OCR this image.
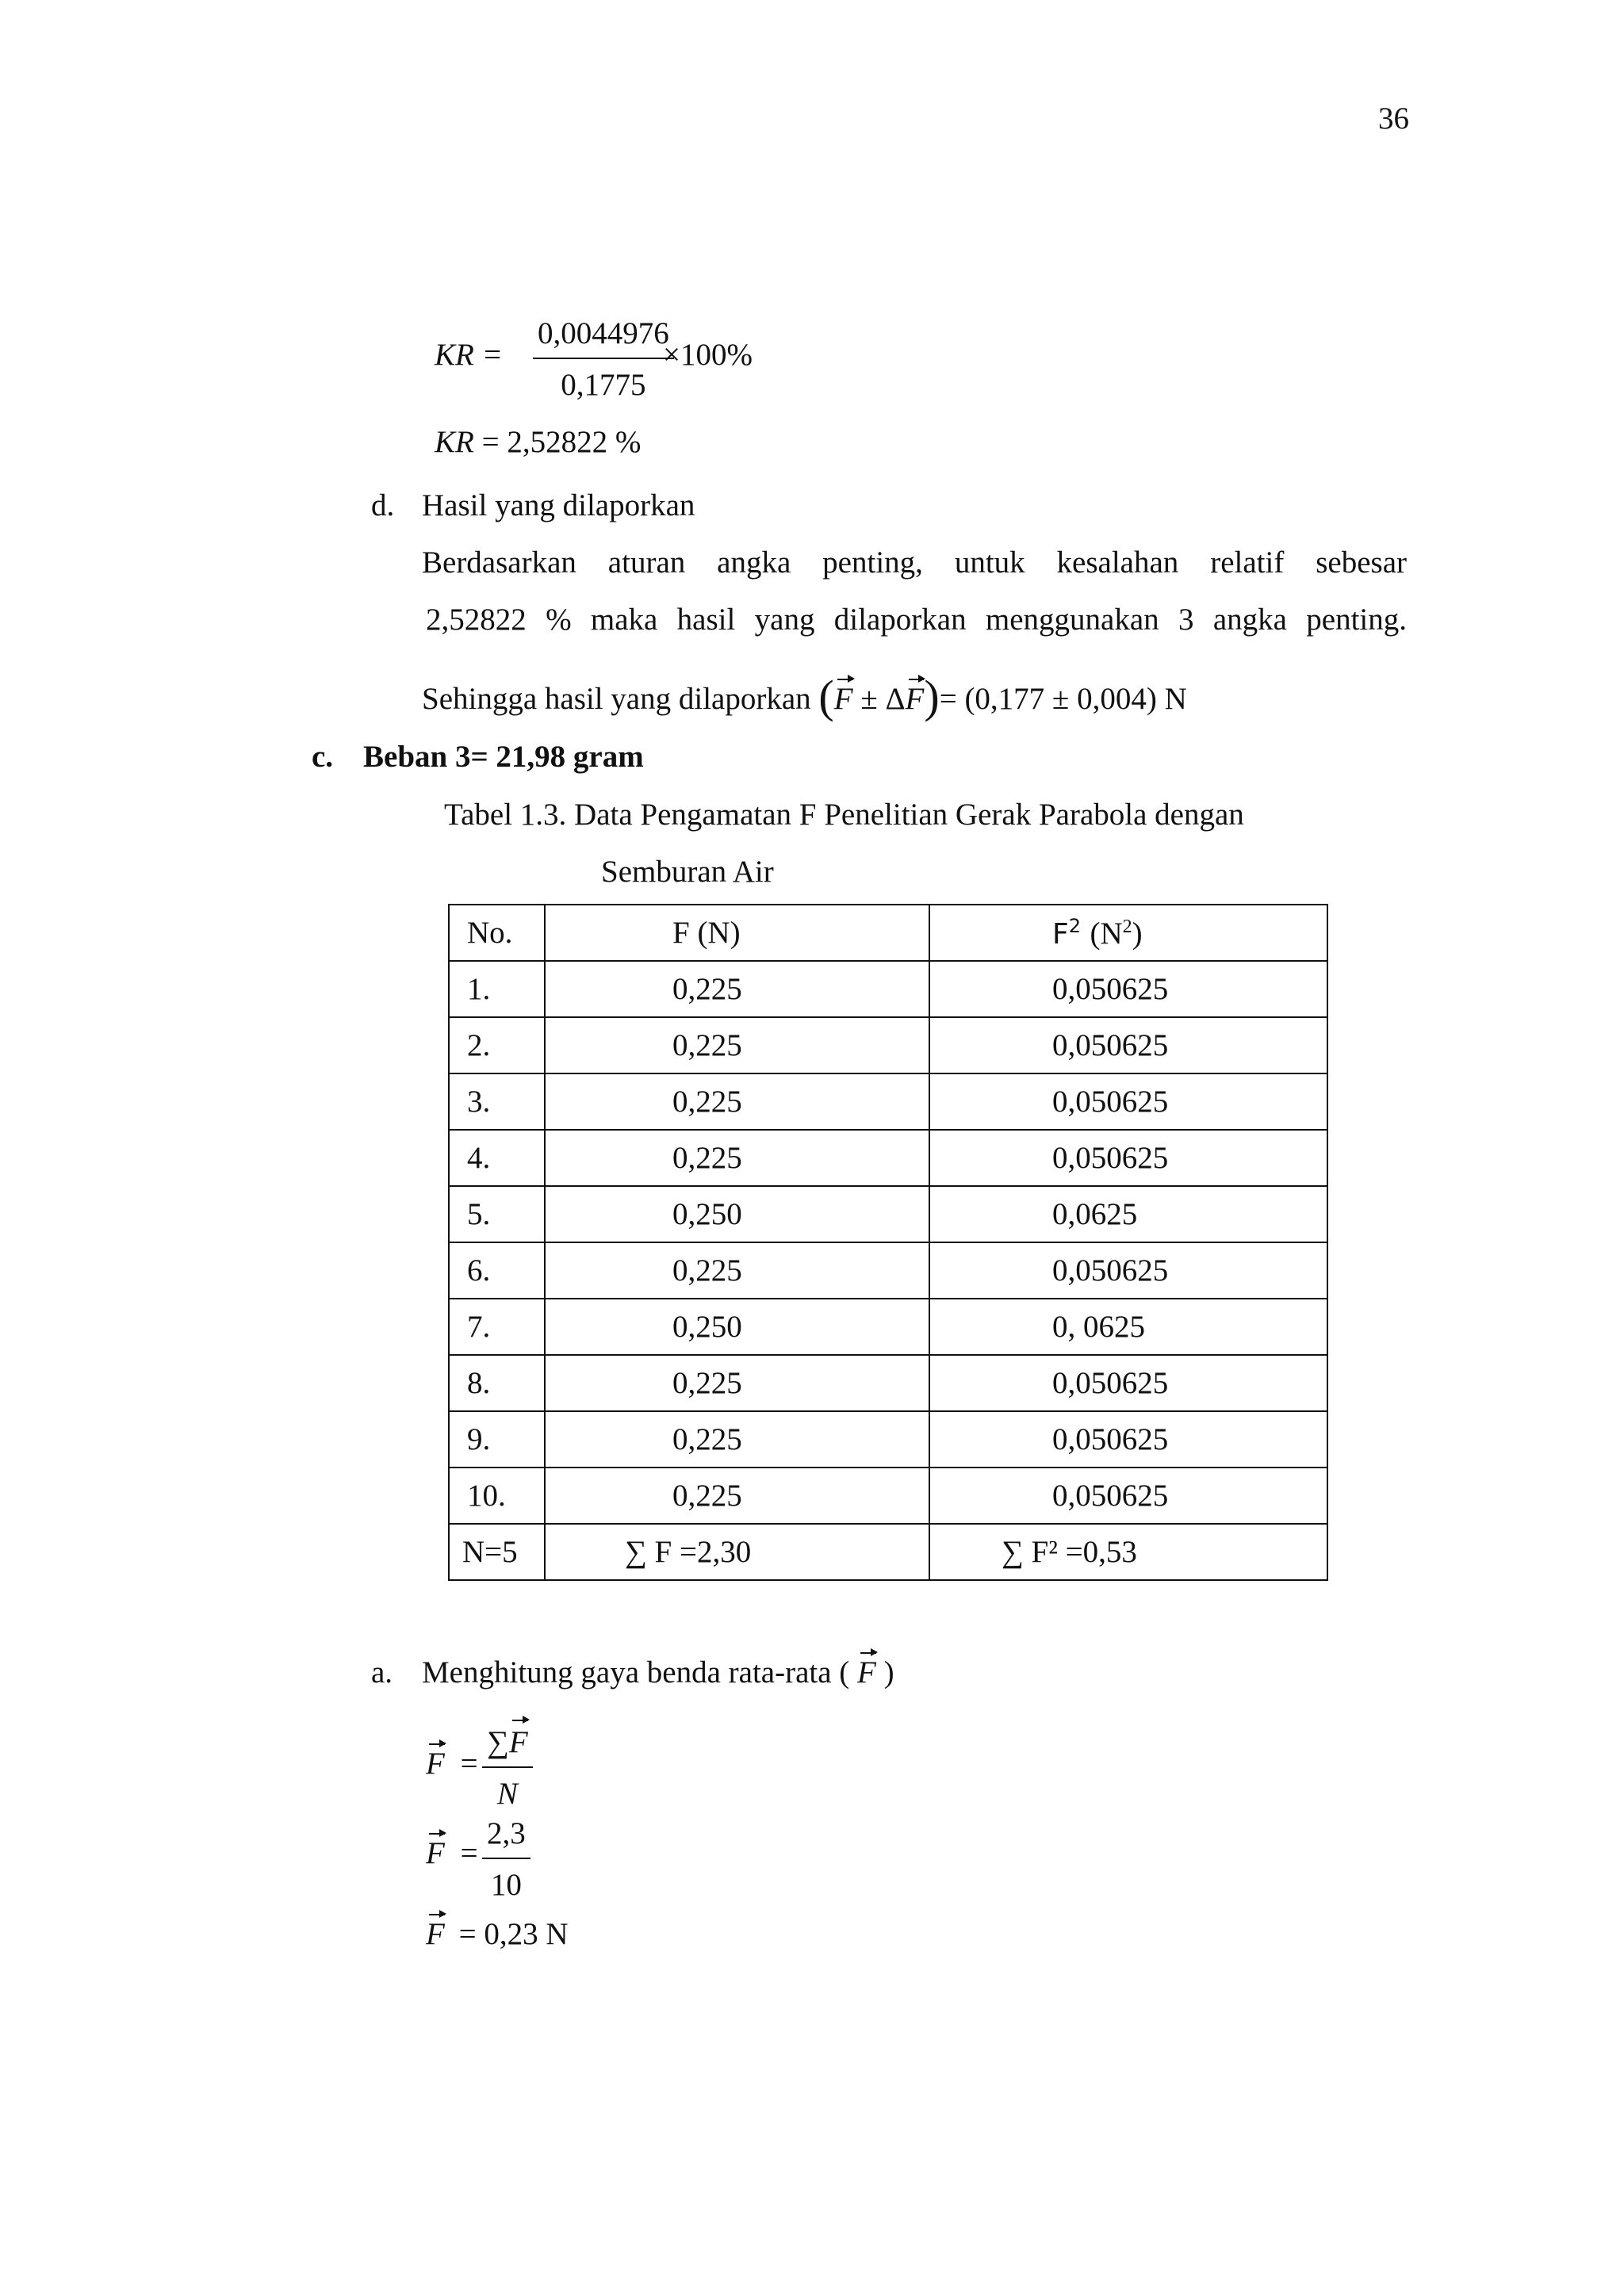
36
KR =
0,0044976
0,1775
×100%
KR = 2,52822 %
d. Hasil yang dilaporkan
Berdasarkan aturan angka penting, untuk kesalahan relatif sebesar
2,52822 % maka hasil yang dilaporkan menggunakan 3 angka penting.
Sehingga hasil yang dilaporkan (F ± ΔF)= (0,177 ± 0,004) N
c. Beban 3= 21,98 gram
Tabel 1.3. Data Pengamatan F Penelitian Gerak Parabola dengan
Semburan Air
No.	F (N)	$F^2$ $(N^2)$
1.	0,225	0,050625
2.	0,225	0,050625
3.	0,225	0,050625
4.	0,225	0,050625
5.	0,250	0,0625
6.	0,225	0,050625
7.	0,250	0, 0625
8.	0,225	0,050625
9.	0,225	0,050625
10.	0,225	0,050625
N=5	∑ F =2,30	∑ F² =0,53
a. Menghitung gaya benda rata-rata ( F )
F =
∑F
N
F =
2,3
10
F = 0,23 N
